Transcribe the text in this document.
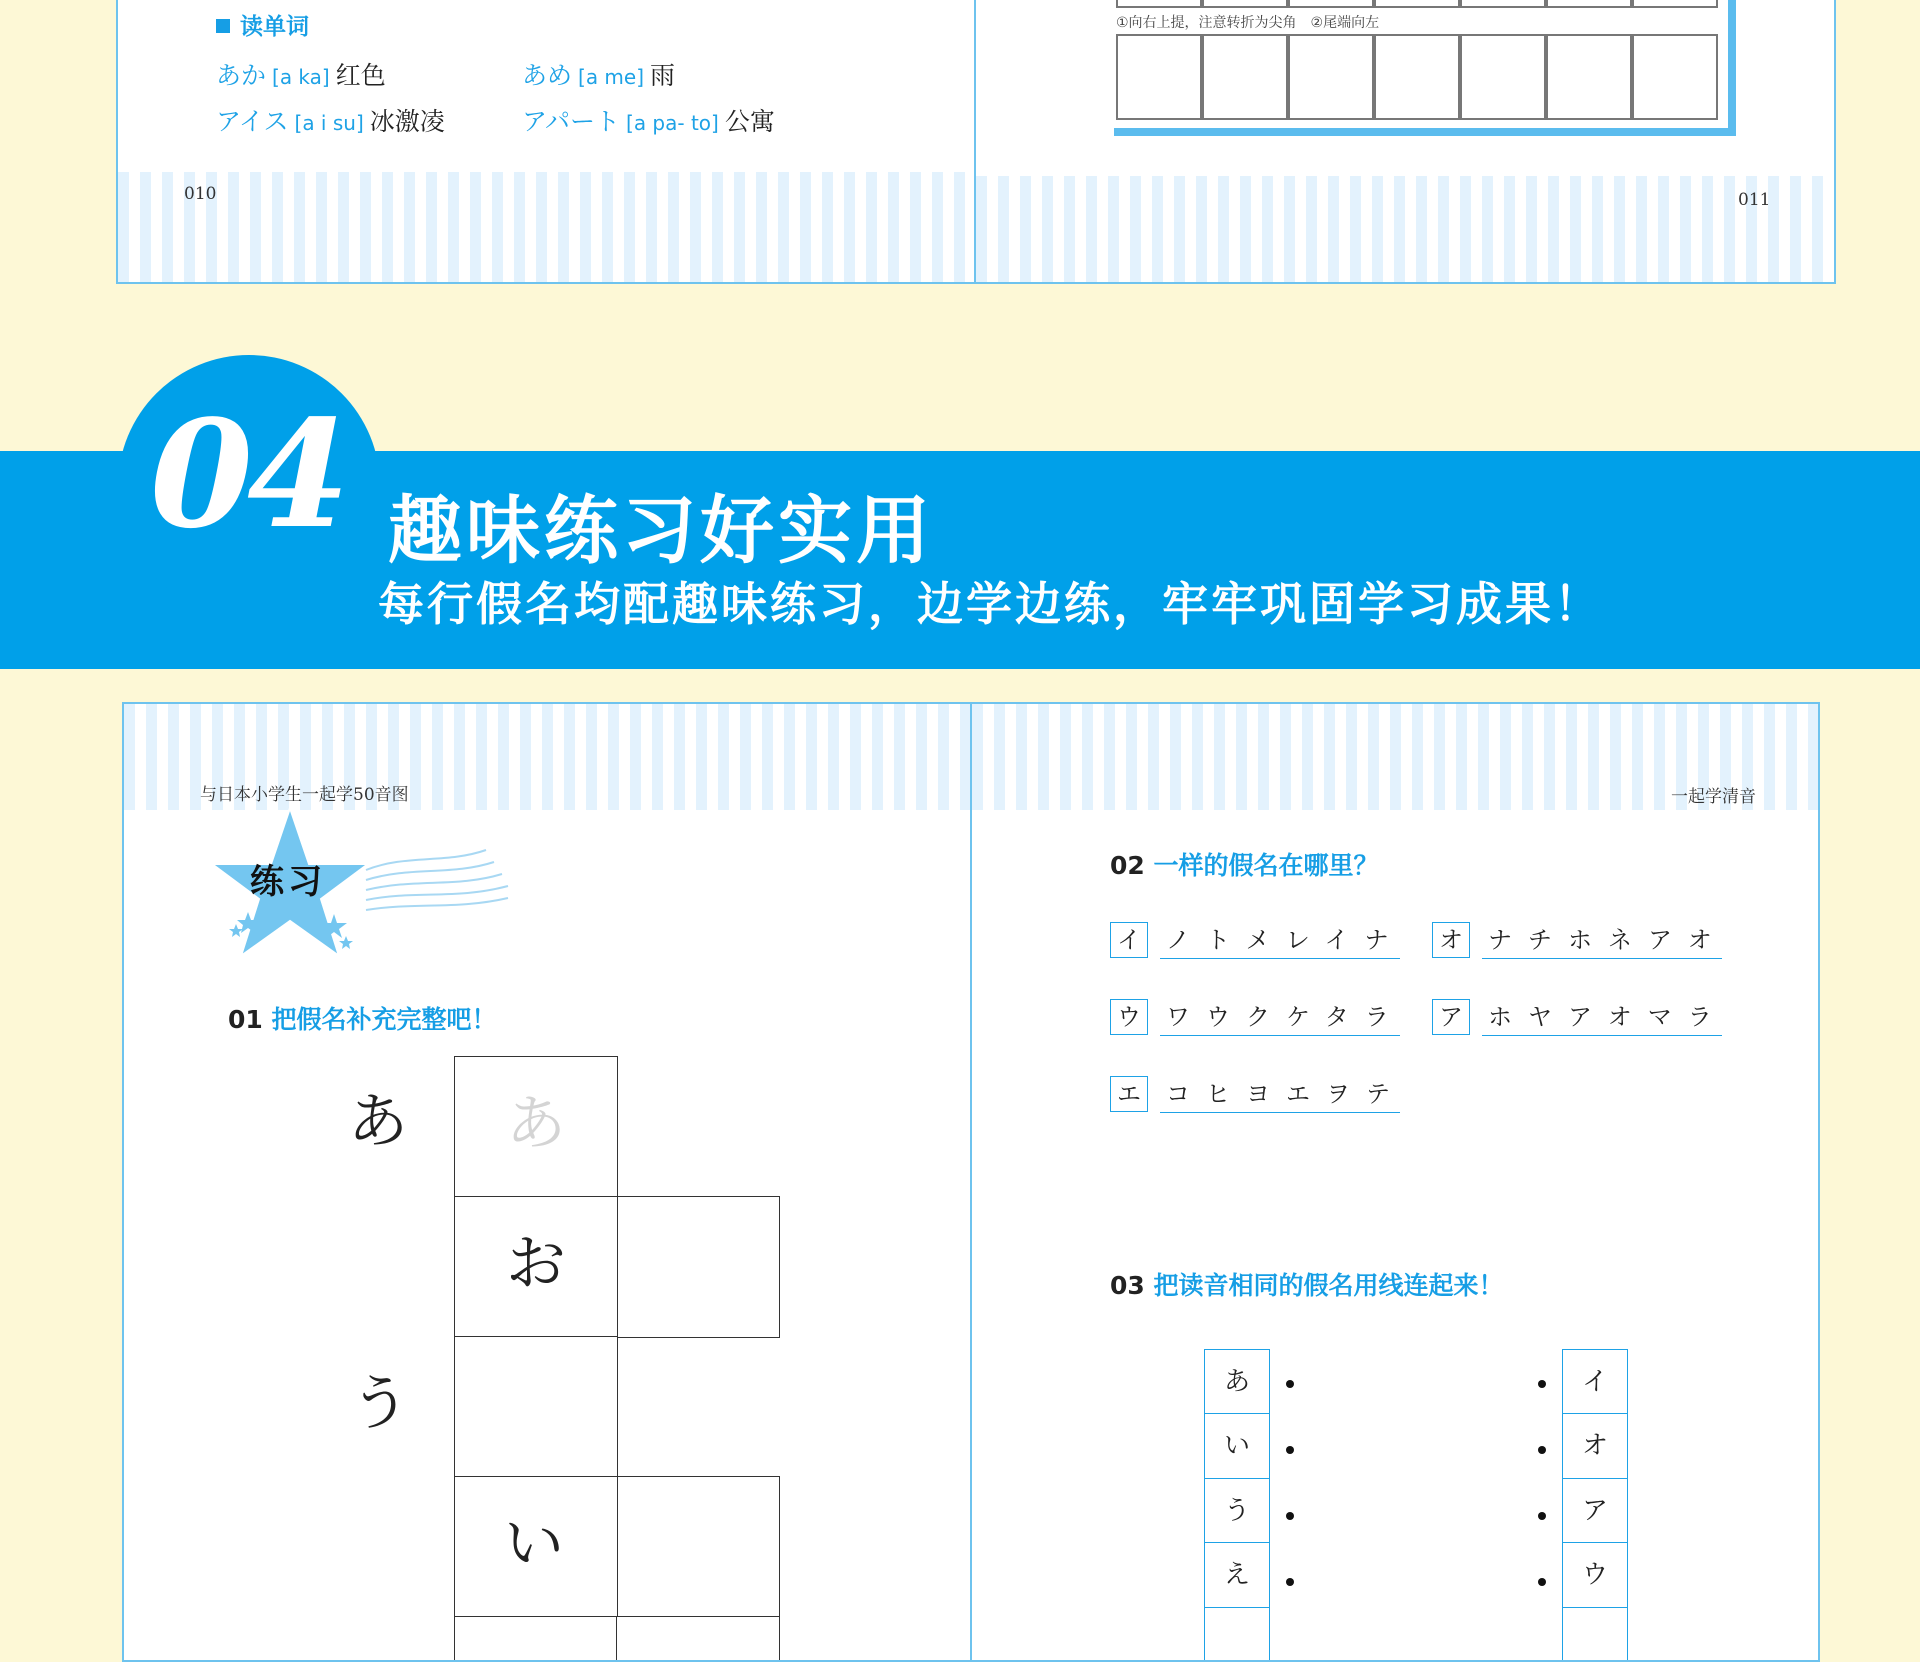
读单词
あか [a ka] 红色	あめ [a me] 雨
アイス [a i su] 冰激凌	アパート [a pa- to] 公寓
010
①向右上提，注意转折为尖角　②尾端向左
011
04 趣味练习好实用
每行假名均配趣味练习，边学边练，牢牢巩固学习成果！
与日本小学生一起学50音图
练习
01 把假名补充完整吧！
あ あ
お
う
い
一起学清音
02 一样的假名在哪里？
イ ノトメレイナ オ ナチホネアオ
ウ ワウクケタラ ア ホヤアオマラ
エ コヒヨエヲテ
03 把读音相同的假名用线连起来！
あ
い
う
え
イ
オ
ア
ウ
